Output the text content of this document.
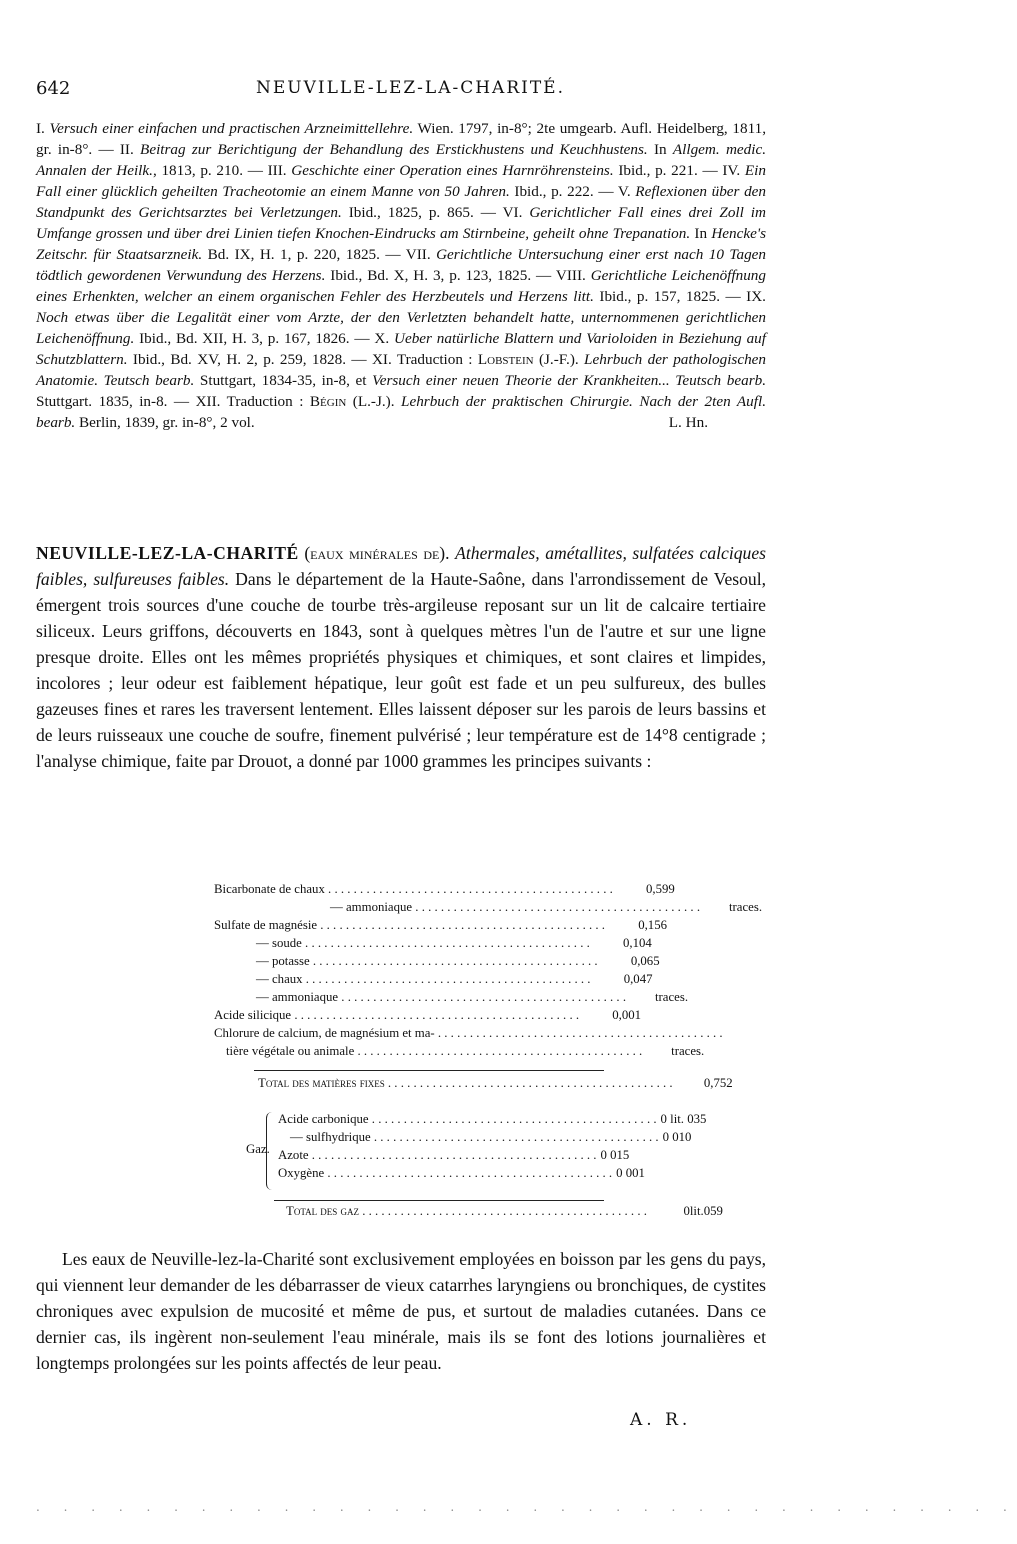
642	NEUVILLE-LEZ-LA-CHARITÉ.
I. Versuch einer einfachen und practischen Arzneimittellehre. Wien. 1797, in-8°; 2te umgearb. Aufl. Heidelberg, 1811, gr. in-8°. — II. Beitrag zur Berichtigung der Behandlung des Erstickhustens und Keuchhustens. In Allgem. medic. Annalen der Heilk., 1813, p. 210. — III. Geschichte einer Operation eines Harnröhrensteins. Ibid., p. 221. — IV. Ein Fall einer glücklich geheilten Tracheotomie an einem Manne von 50 Jahren. Ibid., p. 222. — V. Reflexionen über den Standpunkt des Gerichtsarztes bei Verletzungen. Ibid., 1825, p. 865. — VI. Gerichtlicher Fall eines drei Zoll im Umfange grossen und über drei Linien tiefen Knochen-Eindrucks am Stirnbeine, geheilt ohne Trepanation. In Hencke's Zeitschr. für Staatsarzneik. Bd. IX, H. 1, p. 220, 1825. — VII. Gerichtliche Untersuchung einer erst nach 10 Tagen tödtlich gewordenen Verwundung des Herzens. Ibid., Bd. X, H. 3, p. 123, 1825. — VIII. Gerichtliche Leichenöffnung eines Erhenkten, welcher an einem organischen Fehler des Herzbeutels und Herzens litt. Ibid., p. 157, 1825. — IX. Noch etwas über die Legalität einer vom Arzte, der den Verletzten behandelt hatte, unternommenen gerichtlichen Leichenöffnung. Ibid., Bd. XII, H. 3, p. 167, 1826. — X. Ueber natürliche Blattern und Varioloiden in Beziehung auf Schutzblattern. Ibid., Bd. XV, H. 2, p. 259, 1828. — XI. Traduction : Lobstein (J.-F.). Lehrbuch der pathologischen Anatomie. Teutsch bearb. Stuttgart, 1834-35, in-8, et Versuch einer neuen Theorie der Krankheiten... Teutsch bearb. Stuttgart. 1835, in-8. — XII. Traduction : Bégin (L.-J.). Lehrbuch der praktischen Chirurgie. Nach der 2ten Aufl. bearb. Berlin, 1839, gr. in-8°, 2 vol.	L. Hn.
NEUVILLE-LEZ-LA-CHARITÉ (eaux minérales de). Athermales, amétallites, sulfatées calciques faibles, sulfureuses faibles. Dans le département de la Haute-Saône, dans l'arrondissement de Vesoul, émergent trois sources d'une couche de tourbe très-argileuse reposant sur un lit de calcaire tertiaire siliceux. Leurs griffons, découverts en 1843, sont à quelques mètres l'un de l'autre et sur une ligne presque droite. Elles ont les mêmes propriétés physiques et chimiques, et sont claires et limpides, incolores ; leur odeur est faiblement hépatique, leur goût est fade et un peu sulfureux, des bulles gazeuses fines et rares les traversent lentement. Elles laissent déposer sur les parois de leurs bassins et de leurs ruisseaux une couche de soufre, finement pulvérisé ; leur température est de 14°8 centigrade ; l'analyse chimique, faite par Drouot, a donné par 1000 grammes les principes suivants :
Bicarbonate de chaux . . .	0,599
— ammoniaque . . .	traces.
Sulfate de magnésie . . .	0,156
— soude . . .	0,104
— potasse . . .	0,065
— chaux . . .	0,047
— ammoniaque . . .	traces.
Acide silicique . . .	0,001
Chlorure de calcium, de magnésium et ma- . . .
tière végétale ou animale . . .	traces.
Total des matières fixes . . .	0,752
Gaz.
Acide carbonique . . .	0 lit. 035
— sulfhydrique . . .	0 010
Azote . . .	0 015
Oxygène . . .	0 001
Total des gaz . . .	0lit.059
Les eaux de Neuville-lez-la-Charité sont exclusivement employées en boisson par les gens du pays, qui viennent leur demander de les débarrasser de vieux catarrhes laryngiens ou bronchiques, de cystites chroniques avec expulsion de mucosité et même de pus, et surtout de maladies cutanées. Dans ce dernier cas, ils ingèrent non-seulement l'eau minérale, mais ils se font des lotions journalières et longtemps prolongées sur les points affectés de leur peau.
A. R.
. . . . . . . . . . . . . . . . . . . . . . . . . . . . . . . . . . . .
